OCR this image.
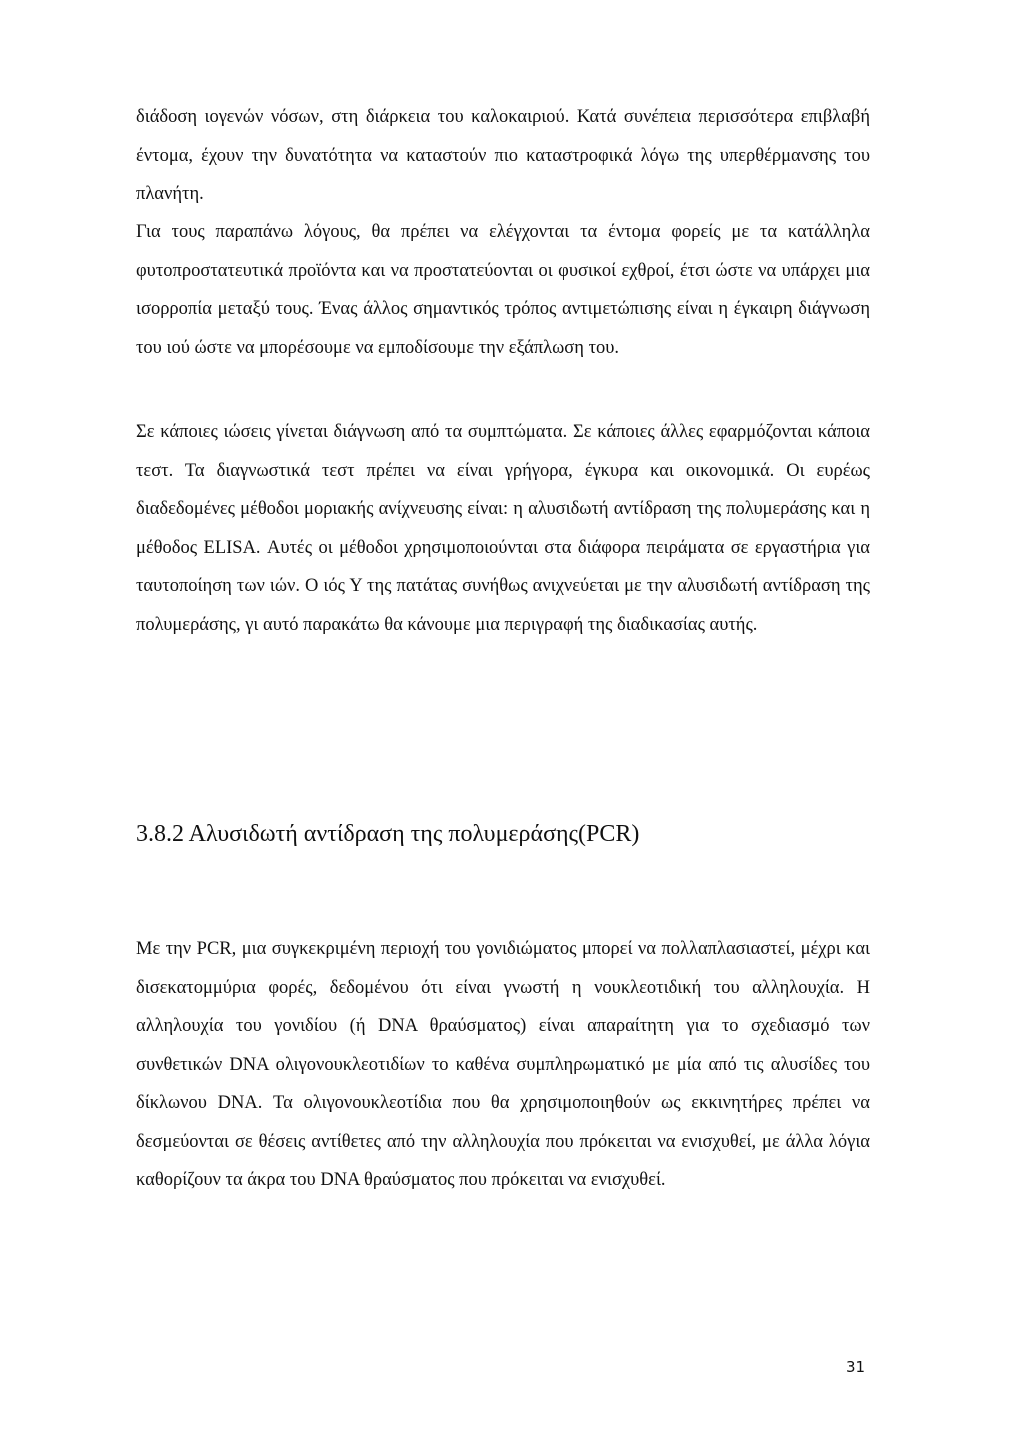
διάδοση ιογενών νόσων, στη διάρκεια του καλοκαιριού. Κατά συνέπεια περισσότερα επιβλαβή έντομα, έχουν την δυνατότητα να καταστούν πιο καταστροφικά λόγω της υπερθέρμανσης του πλανήτη.

Για τους παραπάνω λόγους, θα πρέπει να ελέγχονται τα έντομα φορείς με τα κατάλληλα φυτοπροστατευτικά προϊόντα και να προστατεύονται οι φυσικοί εχθροί, έτσι ώστε να υπάρχει μια ισορροπία μεταξύ τους. Ένας άλλος σημαντικός τρόπος αντιμετώπισης είναι η έγκαιρη διάγνωση του ιού ώστε να μπορέσουμε να εμποδίσουμε την εξάπλωση του.

Σε κάποιες ιώσεις γίνεται διάγνωση από τα συμπτώματα. Σε κάποιες άλλες εφαρμόζονται κάποια τεστ. Τα διαγνωστικά τεστ πρέπει να είναι γρήγορα, έγκυρα και οικονομικά. Οι ευρέως διαδεδομένες μέθοδοι μοριακής ανίχνευσης είναι: η αλυσιδωτή αντίδραση της πολυμεράσης και η μέθοδος ELISA. Αυτές οι μέθοδοι χρησιμοποιούνται στα διάφορα πειράματα σε εργαστήρια για ταυτοποίηση των ιών. Ο ιός Υ της πατάτας συνήθως ανιχνεύεται με την αλυσιδωτή αντίδραση της πολυμεράσης, γι αυτό παρακάτω θα κάνουμε μια περιγραφή της διαδικασίας αυτής.

3.8.2 Αλυσιδωτή αντίδραση της πολυμεράσης(PCR)

Με την PCR, μια συγκεκριμένη περιοχή του γονιδιώματος μπορεί να πολλαπλασιαστεί, μέχρι και δισεκατομμύρια φορές, δεδομένου ότι είναι γνωστή η νουκλεοτιδική του αλληλουχία. Η αλληλουχία του γονιδίου (ή DNA θραύσματος) είναι απαραίτητη για το σχεδιασμό των συνθετικών DNA ολιγονουκλεοτιδίων το καθένα συμπληρωματικό με μία από τις αλυσίδες του δίκλωνου DNA. Τα ολιγονουκλεοτίδια που θα χρησιμοποιηθούν ως εκκινητήρες πρέπει να δεσμεύονται σε θέσεις αντίθετες από την αλληλουχία που πρόκειται να ενισχυθεί, με άλλα λόγια καθορίζουν τα άκρα του DNA θραύσματος που πρόκειται να ενισχυθεί.

31
